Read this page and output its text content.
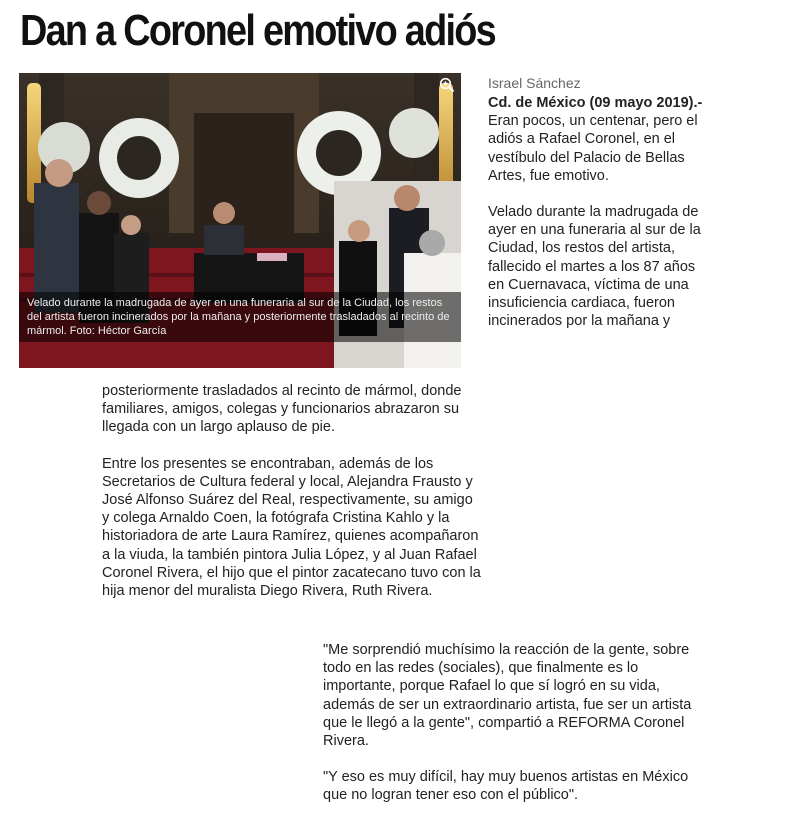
Dan a Coronel emotivo adiós
Velado durante la madrugada de ayer en una funeraria al sur de la Ciudad, los restos del artista fueron incinerados por la mañana y posteriormente trasladados al recinto de mármol. Foto: Héctor García
Israel Sánchez

Cd. de México (09 mayo 2019).- Eran pocos, un centenar, pero el adiós a Rafael Coronel, en el vestíbulo del Palacio de Bellas Artes, fue emotivo.

Velado durante la madrugada de ayer en una funeraria al sur de la Ciudad, los restos del artista, fallecido el martes a los 87 años en Cuernavaca, víctima de una insuficiencia cardiaca, fueron incinerados por la mañana y

posteriormente trasladados al recinto de mármol, donde familiares, amigos, colegas y funcionarios abrazaron su llegada con un largo aplauso de pie.

Entre los presentes se encontraban, además de los Secretarios de Cultura federal y local, Alejandra Frausto y José Alfonso Suárez del Real, respectivamente, su amigo y colega Arnaldo Coen, la fotógrafa Cristina Kahlo y la historiadora de arte Laura Ramírez, quienes acompañaron a la viuda, la también pintora Julia López, y al Juan Rafael Coronel Rivera, el hijo que el pintor zacatecano tuvo con la hija menor del muralista Diego Rivera, Ruth Rivera.

"Me sorprendió muchísimo la reacción de la gente, sobre todo en las redes (sociales), que finalmente es lo importante, porque Rafael lo que sí logró en su vida, además de ser un extraordinario artista, fue ser un artista que le llegó a la gente", compartió a REFORMA Coronel Rivera.

"Y eso es muy difícil, hay muy buenos artistas en México que no logran tener eso con el público".
